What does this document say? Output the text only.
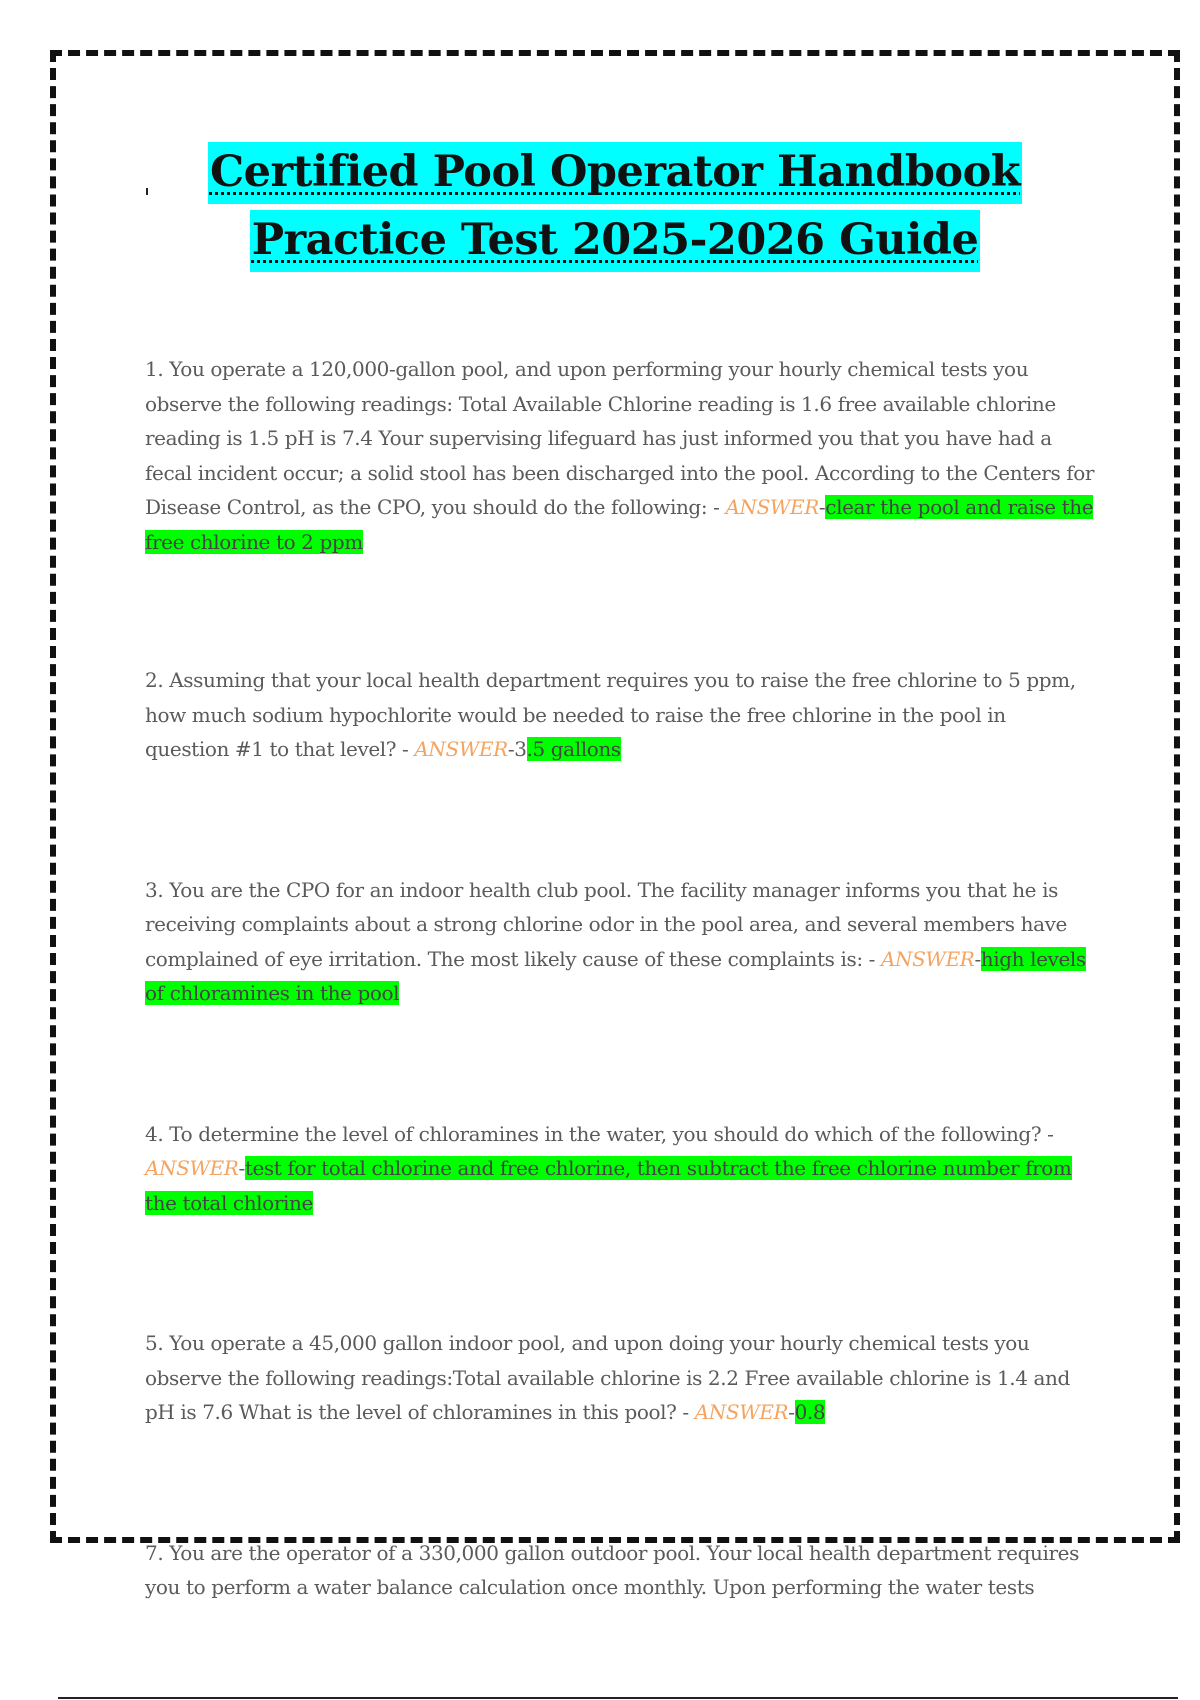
Certified Pool Operator Handbook
Practice Test 2025-2026 Guide
1. You operate a 120,000-gallon pool, and upon performing your hourly chemical tests you observe the following readings: Total Available Chlorine reading is 1.6 free available chlorine reading is 1.5 pH is 7.4 Your supervising lifeguard has just informed you that you have had a fecal incident occur; a solid stool has been discharged into the pool. According to the Centers for Disease Control, as the CPO, you should do the following: - ANSWER-clear the pool and raise the free chlorine to 2 ppm
2. Assuming that your local health department requires you to raise the free chlorine to 5 ppm, how much sodium hypochlorite would be needed to raise the free chlorine in the pool in question #1 to that level? - ANSWER-3.5 gallons
3. You are the CPO for an indoor health club pool. The facility manager informs you that he is receiving complaints about a strong chlorine odor in the pool area, and several members have complained of eye irritation. The most likely cause of these complaints is: - ANSWER-high levels of chloramines in the pool
4. To determine the level of chloramines in the water, you should do which of the following? - ANSWER-test for total chlorine and free chlorine, then subtract the free chlorine number from the total chlorine
5. You operate a 45,000 gallon indoor pool, and upon doing your hourly chemical tests you observe the following readings:Total available chlorine is 2.2 Free available chlorine is 1.4 and pH is 7.6 What is the level of chloramines in this pool? - ANSWER-0.8
7. You are the operator of a 330,000 gallon outdoor pool. Your local health department requires you to perform a water balance calculation once monthly. Upon performing the water tests
